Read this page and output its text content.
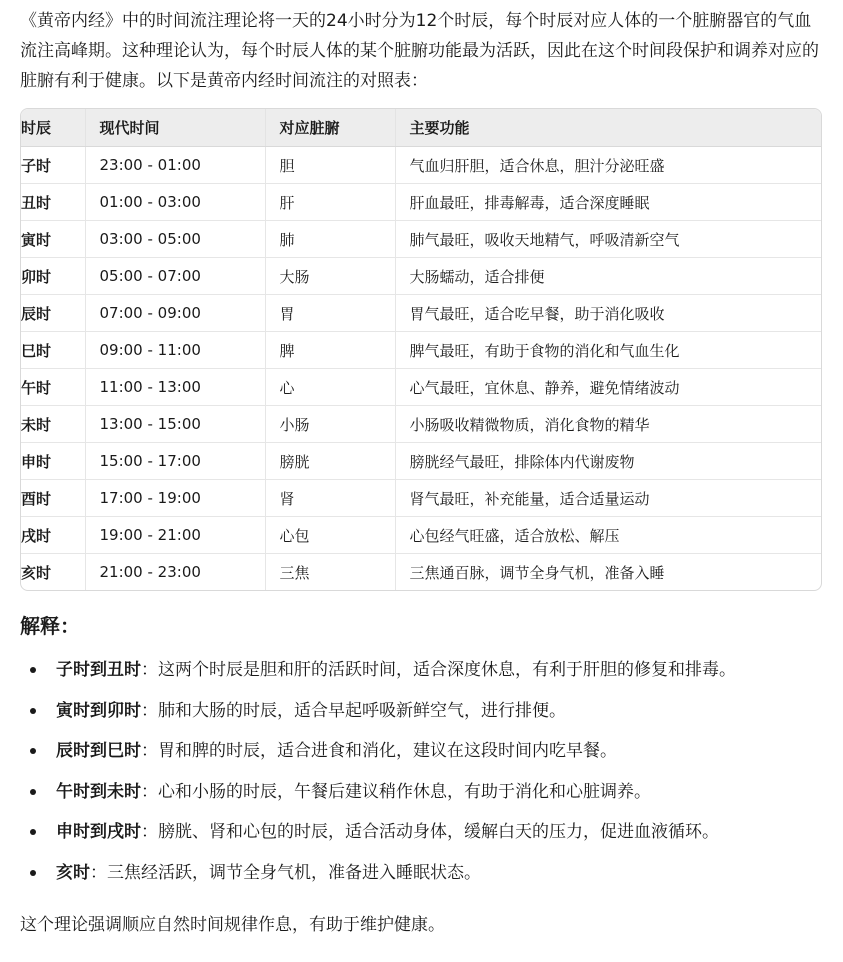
《黄帝内经》中的时间流注理论将一天的24小时分为12个时辰，每个时辰对应人体的一个脏腑器官的气血流注高峰期。这种理论认为，每个时辰人体的某个脏腑功能最为活跃，因此在这个时间段保护和调养对应的脏腑有利于健康。以下是黄帝内经时间流注的对照表：

时辰	现代时间	对应脏腑	主要功能
子时	23:00 - 01:00	胆	气血归肝胆，适合休息，胆汁分泌旺盛
丑时	01:00 - 03:00	肝	肝血最旺，排毒解毒，适合深度睡眠
寅时	03:00 - 05:00	肺	肺气最旺，吸收天地精气，呼吸清新空气
卯时	05:00 - 07:00	大肠	大肠蠕动，适合排便
辰时	07:00 - 09:00	胃	胃气最旺，适合吃早餐，助于消化吸收
巳时	09:00 - 11:00	脾	脾气最旺，有助于食物的消化和气血生化
午时	11:00 - 13:00	心	心气最旺，宜休息、静养，避免情绪波动
未时	13:00 - 15:00	小肠	小肠吸收精微物质，消化食物的精华
申时	15:00 - 17:00	膀胱	膀胱经气最旺，排除体内代谢废物
酉时	17:00 - 19:00	肾	肾气最旺，补充能量，适合适量运动
戌时	19:00 - 21:00	心包	心包经气旺盛，适合放松、解压
亥时	21:00 - 23:00	三焦	三焦通百脉，调节全身气机，准备入睡
解释：
子时到丑时：这两个时辰是胆和肝的活跃时间，适合深度休息，有利于肝胆的修复和排毒。
寅时到卯时：肺和大肠的时辰，适合早起呼吸新鲜空气，进行排便。
辰时到巳时：胃和脾的时辰，适合进食和消化，建议在这段时间内吃早餐。
午时到未时：心和小肠的时辰，午餐后建议稍作休息，有助于消化和心脏调养。
申时到戌时：膀胱、肾和心包的时辰，适合活动身体，缓解白天的压力，促进血液循环。
亥时：三焦经活跃，调节全身气机，准备进入睡眠状态。

这个理论强调顺应自然时间规律作息，有助于维护健康。
